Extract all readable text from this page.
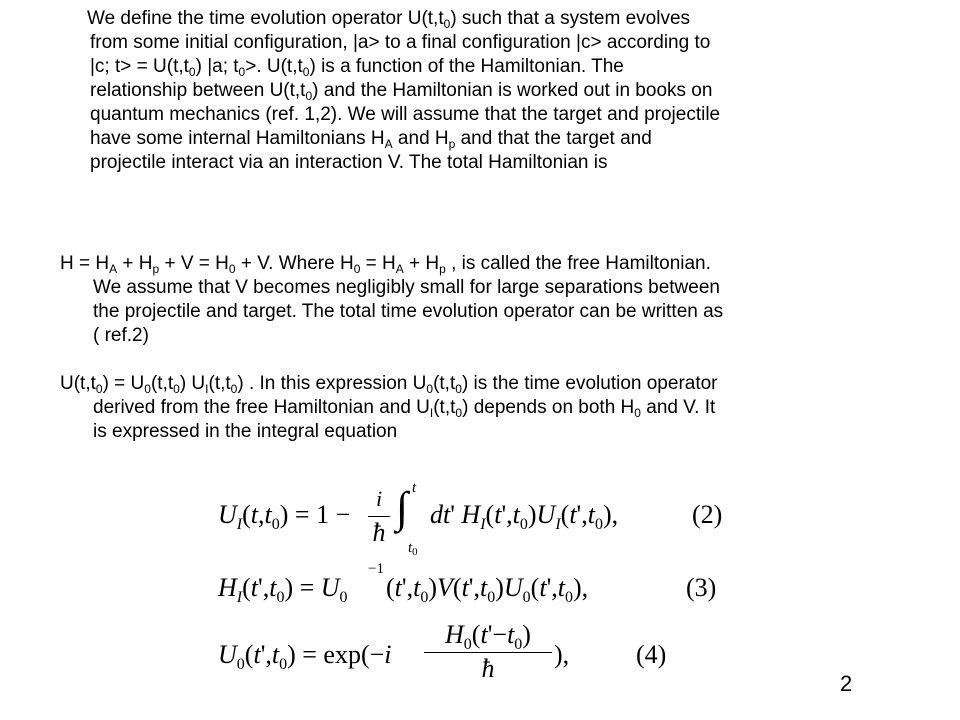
We define the time evolution operator $U(t,t_0)$ such that a system evolves
from some initial configuration, |a> to a final configuration |c> according to
|c; $t> = U(t,t_0)$ |a; $t_0>$. $U(t,t_0)$ is a function of the Hamiltonian. The
relationship between $U(t,t_0)$ and the Hamiltonian is worked out in books on
quantum mechanics (ref. 1,2). We will assume that the target and projectile
have some internal Hamiltonians $H_A$ and $H_p$ and that the target and
projectile interact via an interaction V. The total Hamiltonian is
$H = H_A + H_p + V = H_0 + V$. Where $H_0 = H_A + H_p$ , is called the free Hamiltonian.
We assume that V becomes negligibly small for large separations between
the projectile and target. The total time evolution operator can be written as
( ref.2)
$U(t,t_0) = U_0(t,t_0)$ $U_I(t,t_0)$ . In this expression $U_0(t,t_0)$ is the time evolution operator
derived from the free Hamiltonian and $U_I(t,t_0)$ depends on both $H_0$ and V. It
is expressed in the integral equation
$U_I(t,t_0) = 1$ −
i
ħ
∫ t
$t_0$
dt' $H_I(t',t_0)U_I(t',t_0)$,	(2)
$H_I(t',t_0) = U_0$
−1
$(t',t_0)V(t',t_0)U_0(t',t_0)$,	(3)
$U_0(t',t_0) = \exp(-i$
$H_0(t'-t_0)$
ħ	),	(4)
2
